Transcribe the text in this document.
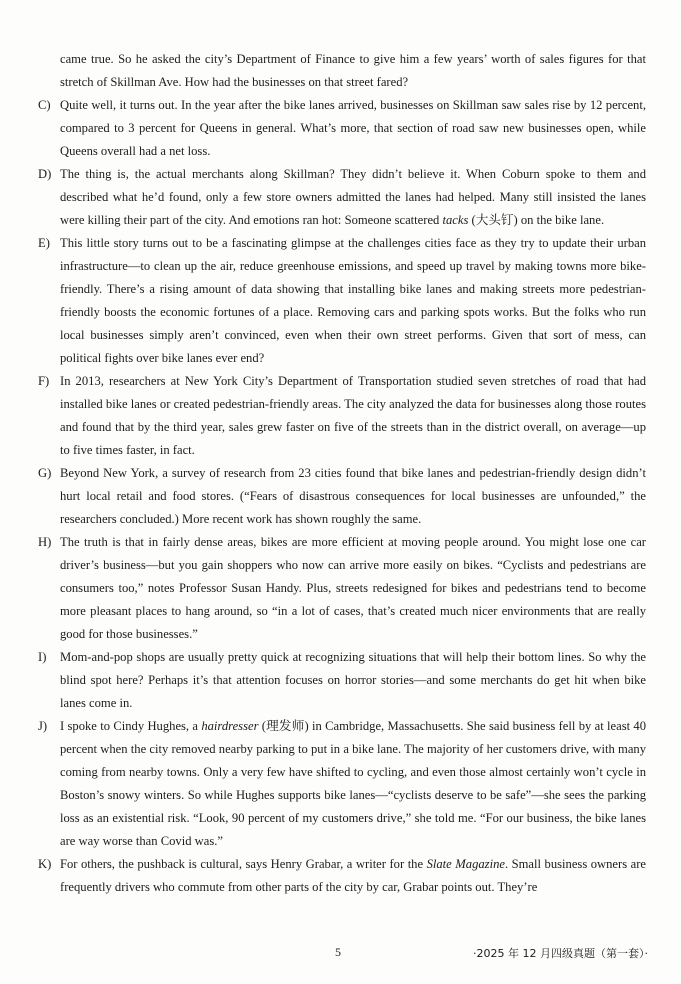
came true. So he asked the city’s Department of Finance to give him a few years’ worth of sales figures for that stretch of Skillman Ave. How had the businesses on that street fared?
C) Quite well, it turns out. In the year after the bike lanes arrived, businesses on Skillman saw sales rise by 12 percent, compared to 3 percent for Queens in general. What’s more, that section of road saw new businesses open, while Queens overall had a net loss.
D) The thing is, the actual merchants along Skillman? They didn’t believe it. When Coburn spoke to them and described what he’d found, only a few store owners admitted the lanes had helped. Many still insisted the lanes were killing their part of the city. And emotions ran hot: Someone scattered tacks (大头钉) on the bike lane.
E) This little story turns out to be a fascinating glimpse at the challenges cities face as they try to update their urban infrastructure—to clean up the air, reduce greenhouse emissions, and speed up travel by making towns more bike-friendly. There’s a rising amount of data showing that installing bike lanes and making streets more pedestrian-friendly boosts the economic fortunes of a place. Removing cars and parking spots works. But the folks who run local businesses simply aren’t convinced, even when their own street performs. Given that sort of mess, can political fights over bike lanes ever end?
F) In 2013, researchers at New York City’s Department of Transportation studied seven stretches of road that had installed bike lanes or created pedestrian-friendly areas. The city analyzed the data for businesses along those routes and found that by the third year, sales grew faster on five of the streets than in the district overall, on average—up to five times faster, in fact.
G) Beyond New York, a survey of research from 23 cities found that bike lanes and pedestrian-friendly design didn’t hurt local retail and food stores. (“Fears of disastrous consequences for local businesses are unfounded,” the researchers concluded.) More recent work has shown roughly the same.
H) The truth is that in fairly dense areas, bikes are more efficient at moving people around. You might lose one car driver’s business—but you gain shoppers who now can arrive more easily on bikes. “Cyclists and pedestrians are consumers too,” notes Professor Susan Handy. Plus, streets redesigned for bikes and pedestrians tend to become more pleasant places to hang around, so “in a lot of cases, that’s created much nicer environments that are really good for those businesses.”
I) Mom-and-pop shops are usually pretty quick at recognizing situations that will help their bottom lines. So why the blind spot here? Perhaps it’s that attention focuses on horror stories—and some merchants do get hit when bike lanes come in.
J) I spoke to Cindy Hughes, a hairdresser (理发师) in Cambridge, Massachusetts. She said business fell by at least 40 percent when the city removed nearby parking to put in a bike lane. The majority of her customers drive, with many coming from nearby towns. Only a very few have shifted to cycling, and even those almost certainly won’t cycle in Boston’s snowy winters. So while Hughes supports bike lanes—“cyclists deserve to be safe”—she sees the parking loss as an existential risk. “Look, 90 percent of my customers drive,” she told me. “For our business, the bike lanes are way worse than Covid was.”
K) For others, the pushback is cultural, says Henry Grabar, a writer for the Slate Magazine. Small business owners are frequently drivers who commute from other parts of the city by car, Grabar points out. They’re
5	·2025 年 12 月四级真题（第一套）·
